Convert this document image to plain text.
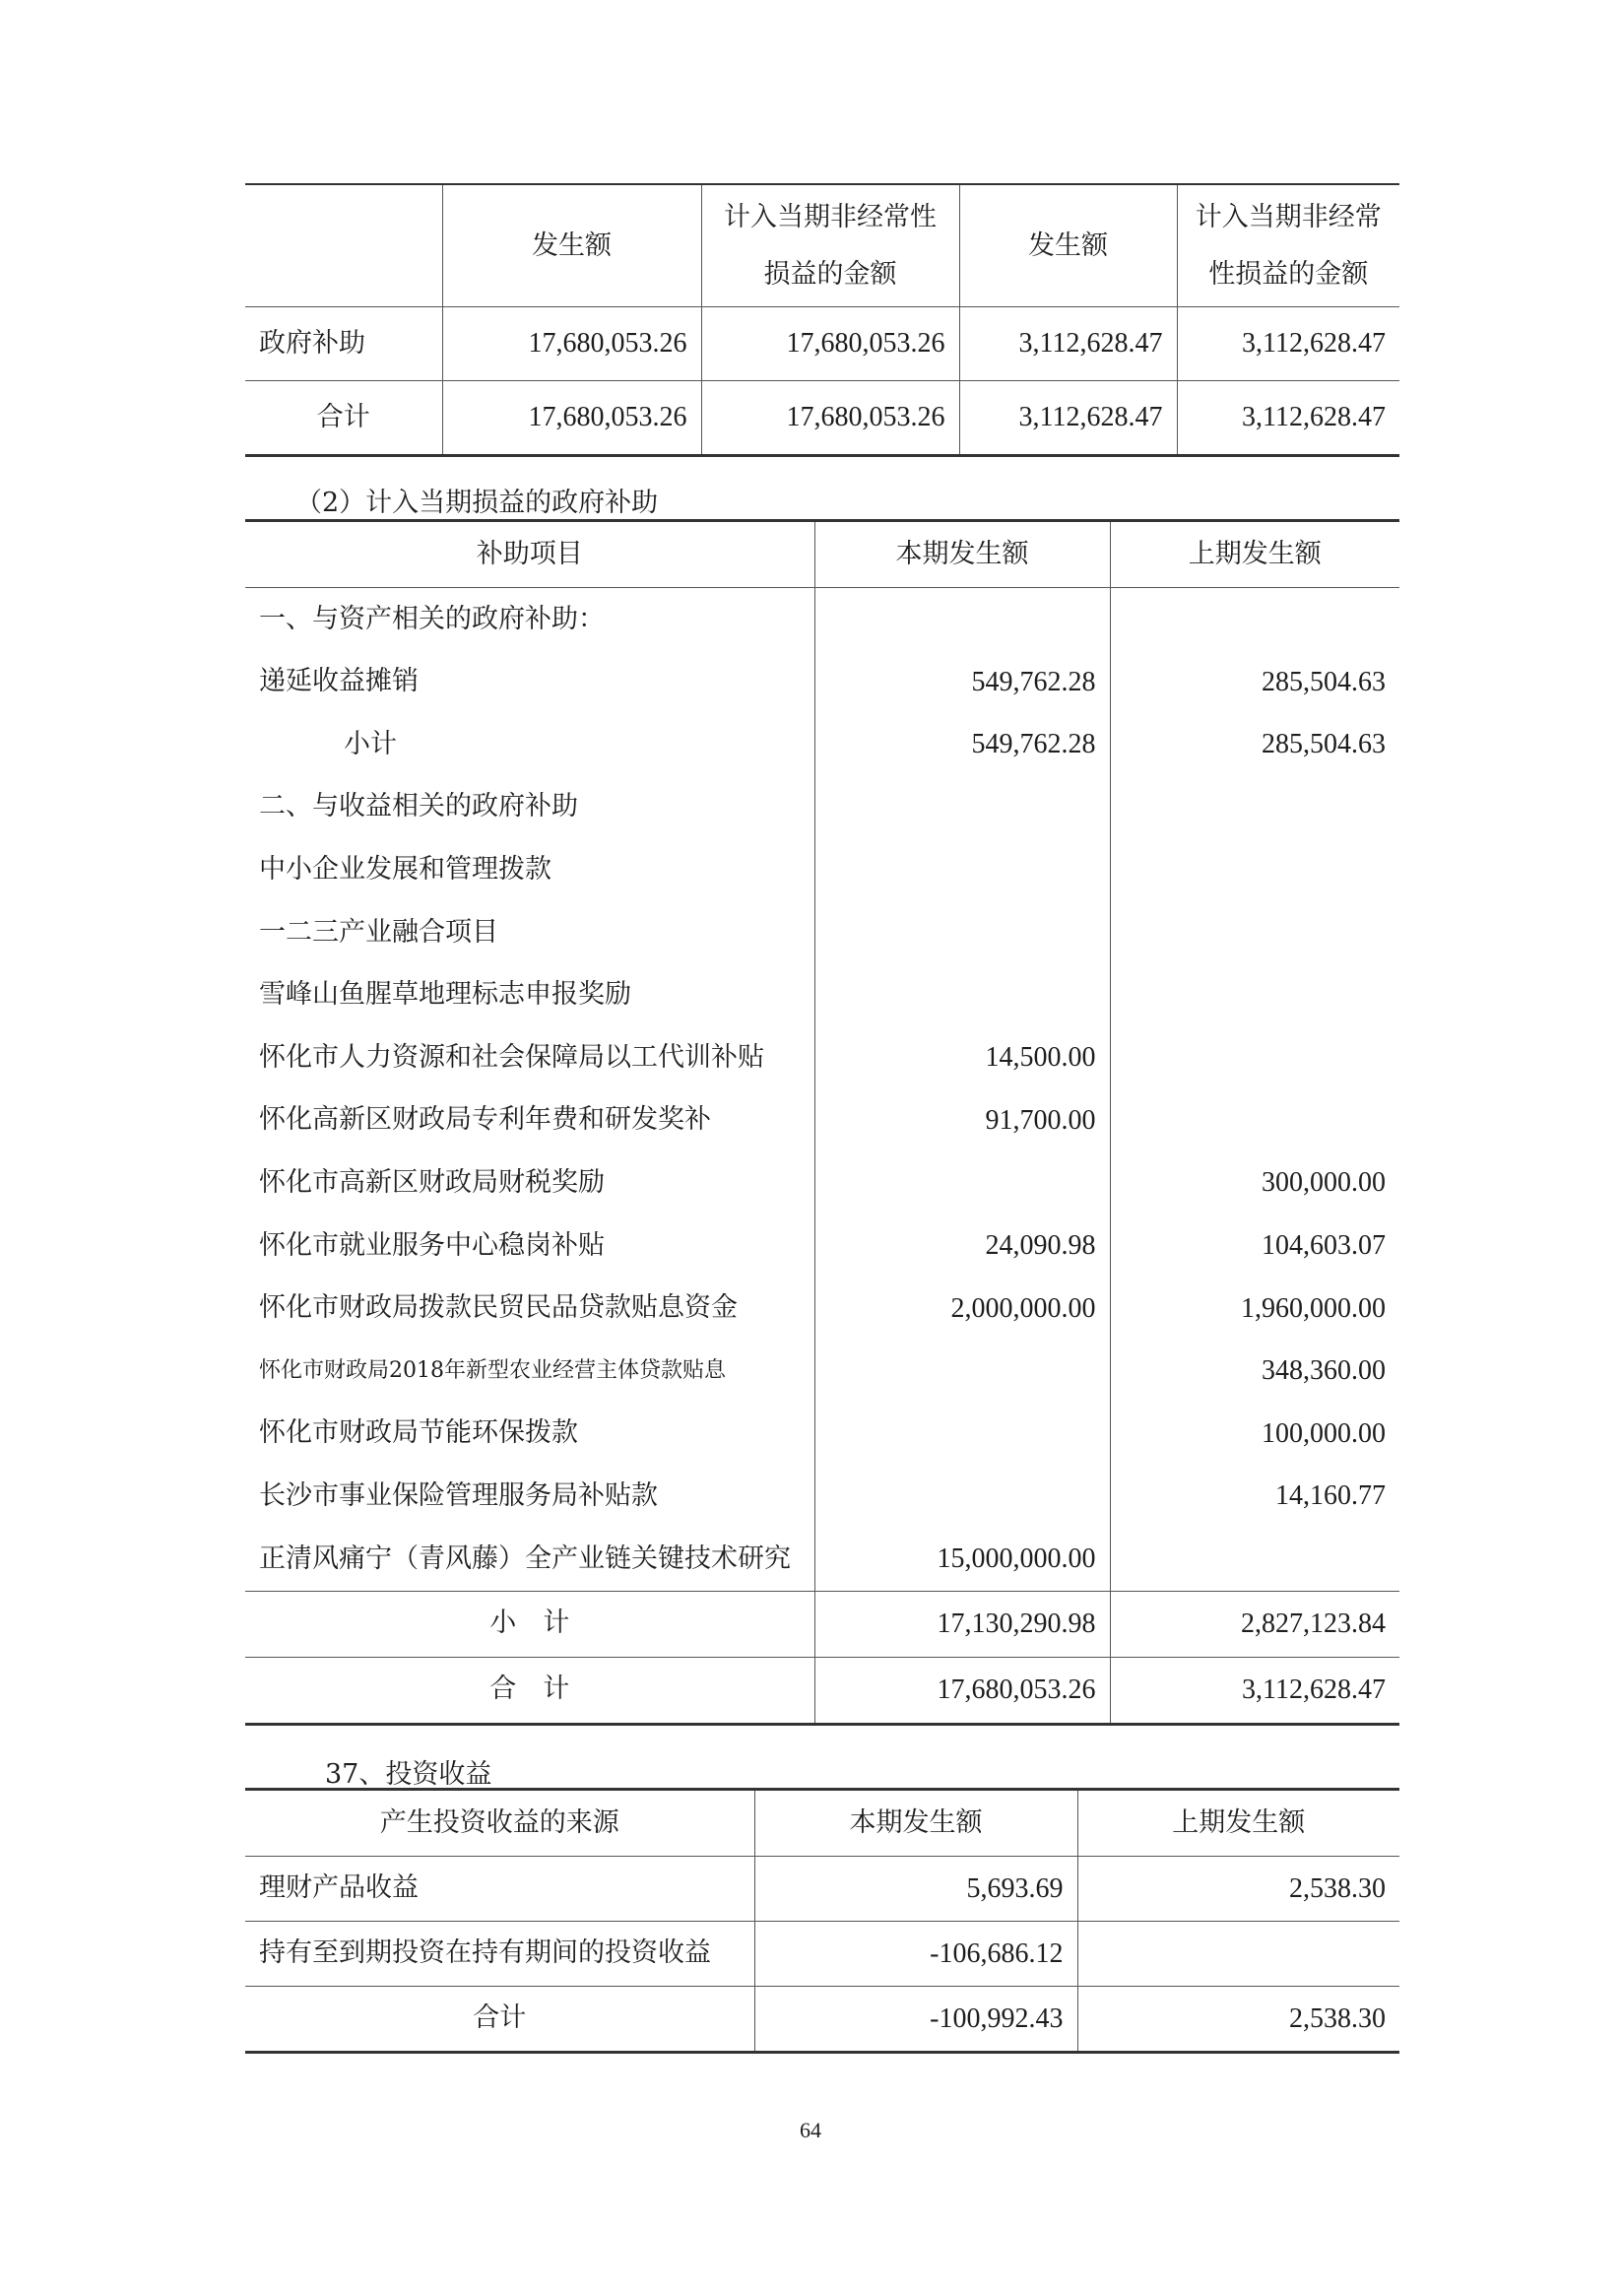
	发生额	计入当期非经常性损益的金额	发生额	计入当期非经常性损益的金额
政府补助	17,680,053.26	17,680,053.26	3,112,628.47	3,112,628.47
合计	17,680,053.26	17,680,053.26	3,112,628.47	3,112,628.47
（2）计入当期损益的政府补助
补助项目	本期发生额	上期发生额
一、与资产相关的政府补助：		
递延收益摊销	549,762.28	285,504.63
小计	549,762.28	285,504.63
二、与收益相关的政府补助		
中小企业发展和管理拨款		
一二三产业融合项目		
雪峰山鱼腥草地理标志申报奖励		
怀化市人力资源和社会保障局以工代训补贴	14,500.00	
怀化高新区财政局专利年费和研发奖补	91,700.00	
怀化市高新区财政局财税奖励		300,000.00
怀化市就业服务中心稳岗补贴	24,090.98	104,603.07
怀化市财政局拨款民贸民品贷款贴息资金	2,000,000.00	1,960,000.00
怀化市财政局2018年新型农业经营主体贷款贴息		348,360.00
怀化市财政局节能环保拨款		100,000.00
长沙市事业保险管理服务局补贴款		14,160.77
正清风痛宁（青风藤）全产业链关键技术研究	15,000,000.00	
小　计	17,130,290.98	2,827,123.84
合　计	17,680,053.26	3,112,628.47
37、投资收益
产生投资收益的来源	本期发生额	上期发生额
理财产品收益	5,693.69	2,538.30
持有至到期投资在持有期间的投资收益	-106,686.12	
合计	-100,992.43	2,538.30
64
